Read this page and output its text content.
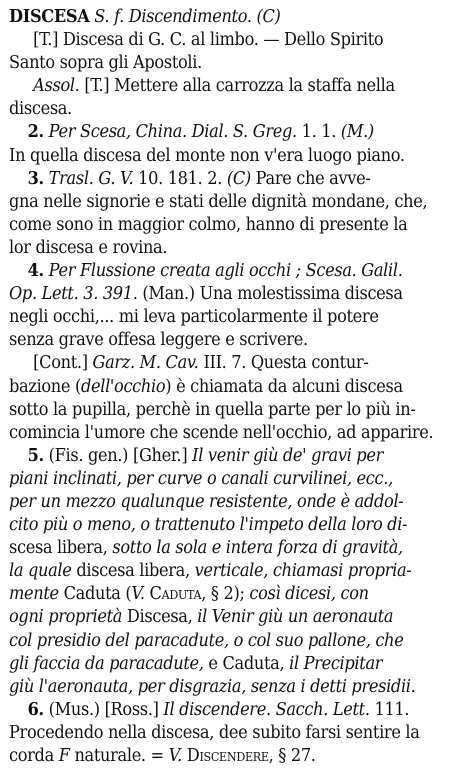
DISCESA S. f. Discendimento. (C)
[T.] Discesa di G. C. al limbo. — Dello Spirito
Santo sopra gli Apostoli.
Assol. [T.] Mettere alla carrozza la staffa nella
discesa.
2. Per Scesa, China. Dial. S. Greg. 1. 1. (M.)
In quella discesa del monte non v'era luogo piano.
3. Trasl. G. V. 10. 181. 2. (C) Pare che avve-
gna nelle signorie e stati delle dignità mondane, che,
come sono in maggior colmo, hanno di presente la
lor discesa e rovina.
4. Per Flussione creata agli occhi ; Scesa. Galil.
Op. Lett. 3. 391. (Man.) Una molestissima discesa
negli occhi,... mi leva particolarmente il potere
senza grave offesa leggere e scrivere.
[Cont.] Garz. M. Cav. III. 7. Questa contur-
bazione (dell'occhio) è chiamata da alcuni discesa
sotto la pupilla, perchè in quella parte per lo più in-
comincia l'umore che scende nell'occhio, ad apparire.
5. (Fis. gen.) [Gher.] Il venir giù de' gravi per
piani inclinati, per curve o canali curvilinei, ecc.,
per un mezzo qualunque resistente, onde è addol-
cito più o meno, o trattenuto l'impeto della loro di-
scesa libera, sotto la sola e intera forza di gravità,
la quale discesa libera, verticale, chiamasi propria-
mente Caduta (V. Caduta, § 2); così dicesi, con
ogni proprietà Discesa, il Venir giù un aeronauta
col presidio del paracadute, o col suo pallone, che
gli faccia da paracadute, e Caduta, il Precipitar
giù l'aeronauta, per disgrazia, senza i detti presidii.
6. (Mus.) [Ross.] Il discendere. Sacch. Lett. 111.
Procedendo nella discesa, dee subito farsi sentire la
corda F naturale. = V. Discendere, § 27.
